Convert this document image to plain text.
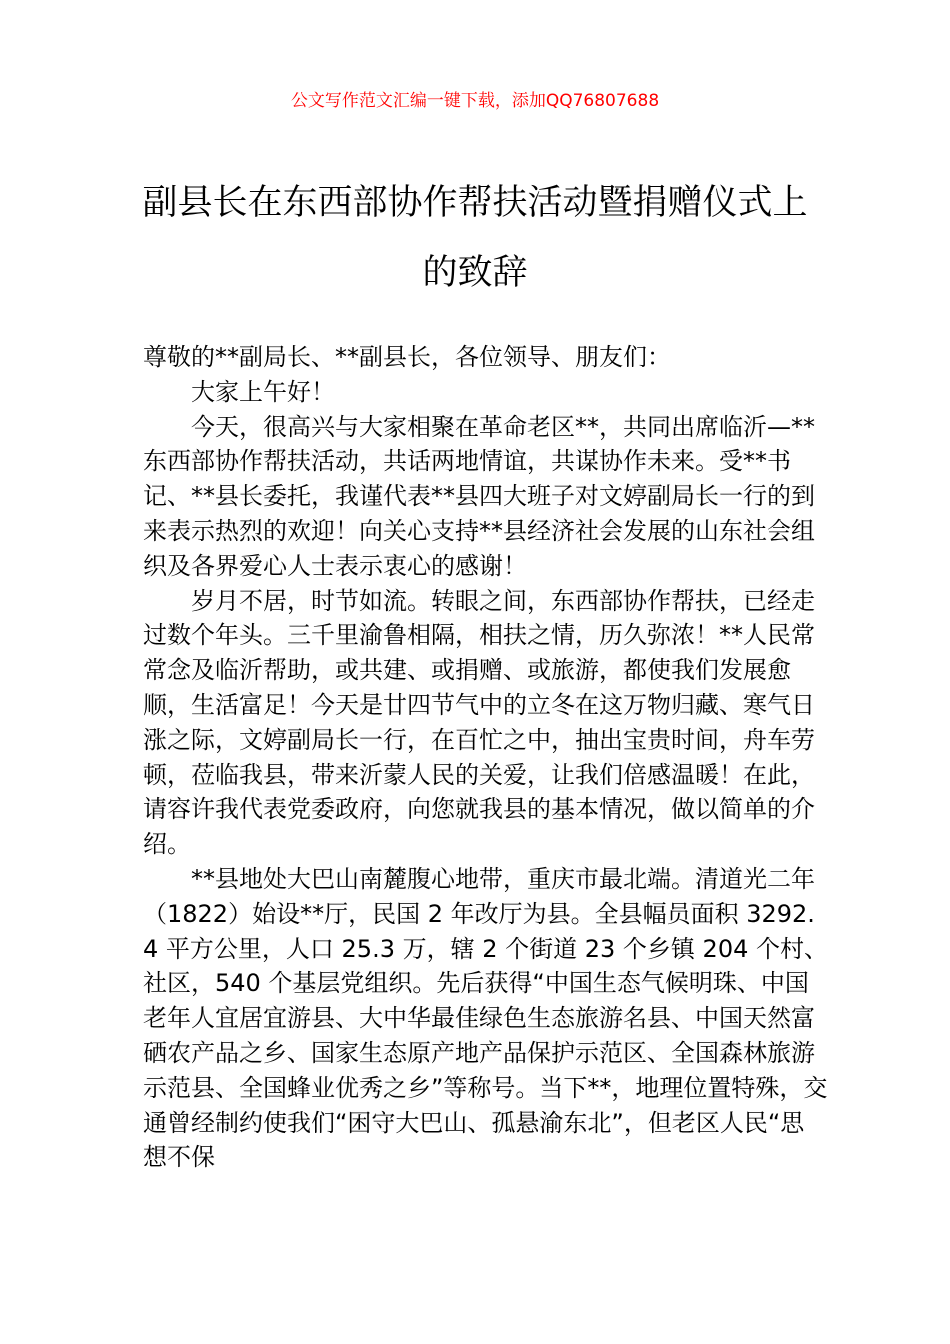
公文写作范文汇编一键下载，添加QQ76807688
副县长在东西部协作帮扶活动暨捐赠仪式上的致辞

尊敬的**副局长、**副县长，各位领导、朋友们：

大家上午好！

今天，很高兴与大家相聚在革命老区**，共同出席临沂—**东西部协作帮扶活动，共话两地情谊，共谋协作未来。受**书记、**县长委托，我谨代表**县四大班子对文婷副局长一行的到来表示热烈的欢迎！向关心支持**县经济社会发展的山东社会组织及各界爱心人士表示衷心的感谢！

岁月不居，时节如流。转眼之间，东西部协作帮扶，已经走过数个年头。三千里渝鲁相隔，相扶之情，历久弥浓！**人民常常念及临沂帮助，或共建、或捐赠、或旅游，都使我们发展愈顺，生活富足！今天是廿四节气中的立冬在这万物归藏、寒气日涨之际，文婷副局长一行，在百忙之中，抽出宝贵时间，舟车劳顿，莅临我县，带来沂蒙人民的关爱，让我们倍感温暖！在此，请容许我代表党委政府，向您就我县的基本情况，做以简单的介绍。

**县地处大巴山南麓腹心地带，重庆市最北端。清道光二年（1822）始设**厅，民国 2 年改厅为县。全县幅员面积 3292.4 平方公里，人口 25.3 万，辖 2 个街道 23 个乡镇 204 个村、社区，540 个基层党组织。先后获得“中国生态气候明珠、中国老年人宜居宜游县、大中华最佳绿色生态旅游名县、中国天然富硒农产品之乡、国家生态原产地产品保护示范区、全国森林旅游示范县、全国蜂业优秀之乡”等称号。当下**，地理位置特殊，交通曾经制约使我们“困守大巴山、孤悬渝东北”，但老区人民“思想不保
